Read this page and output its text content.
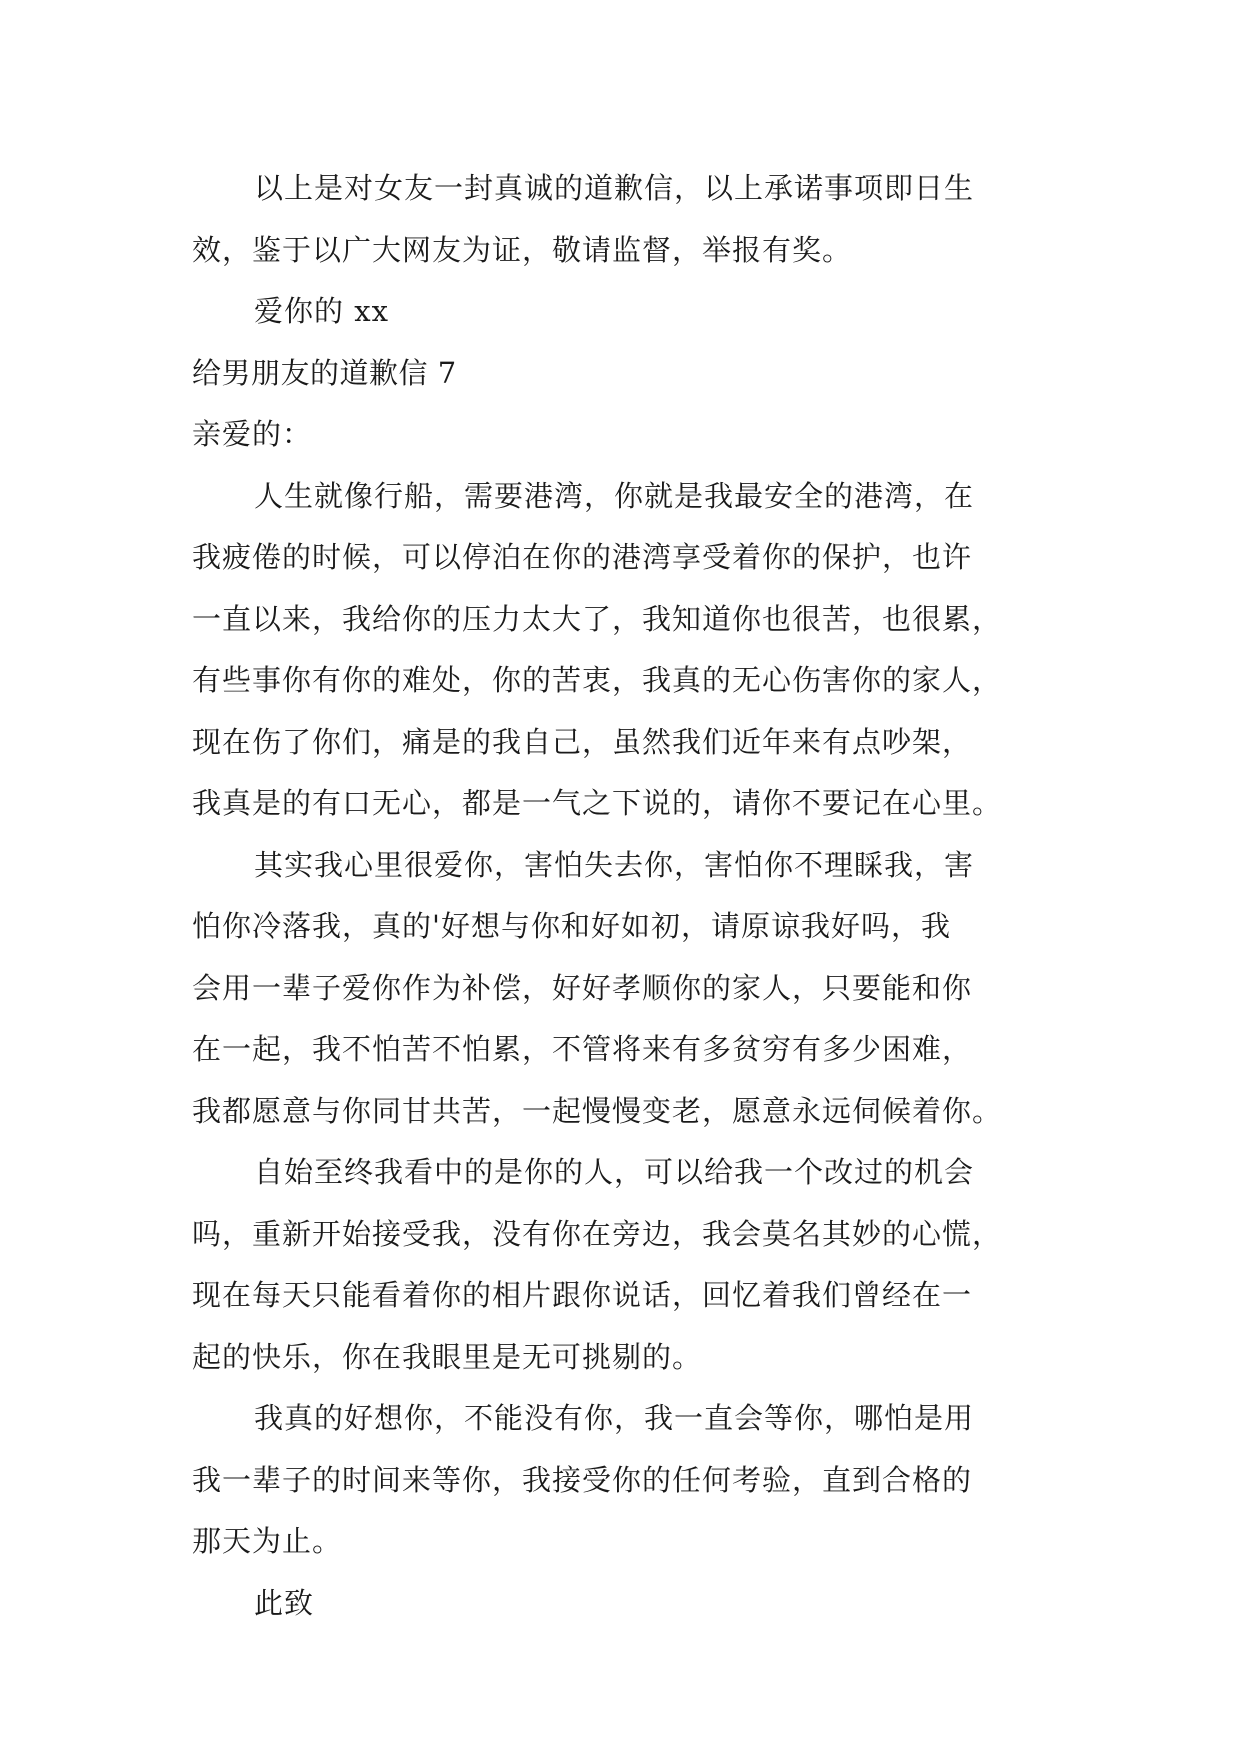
以上是对女友一封真诚的道歉信，以上承诺事项即日生
效，鉴于以广大网友为证，敬请监督，举报有奖。
爱你的 xx
给男朋友的道歉信 7
亲爱的：
人生就像行船，需要港湾，你就是我最安全的港湾，在
我疲倦的时候，可以停泊在你的港湾享受着你的保护，也许
一直以来，我给你的压力太大了，我知道你也很苦，也很累，
有些事你有你的难处，你的苦衷，我真的无心伤害你的家人，
现在伤了你们，痛是的我自己，虽然我们近年来有点吵架，
我真是的有口无心，都是一气之下说的，请你不要记在心里。
其实我心里很爱你，害怕失去你，害怕你不理睬我，害
怕你冷落我，真的'好想与你和好如初，请原谅我好吗，我
会用一辈子爱你作为补偿，好好孝顺你的家人，只要能和你
在一起，我不怕苦不怕累，不管将来有多贫穷有多少困难，
我都愿意与你同甘共苦，一起慢慢变老，愿意永远伺候着你。
自始至终我看中的是你的人，可以给我一个改过的机会
吗，重新开始接受我，没有你在旁边，我会莫名其妙的心慌，
现在每天只能看着你的相片跟你说话，回忆着我们曾经在一
起的快乐，你在我眼里是无可挑剔的。
我真的好想你，不能没有你，我一直会等你，哪怕是用
我一辈子的时间来等你，我接受你的任何考验，直到合格的
那天为止。
此致
